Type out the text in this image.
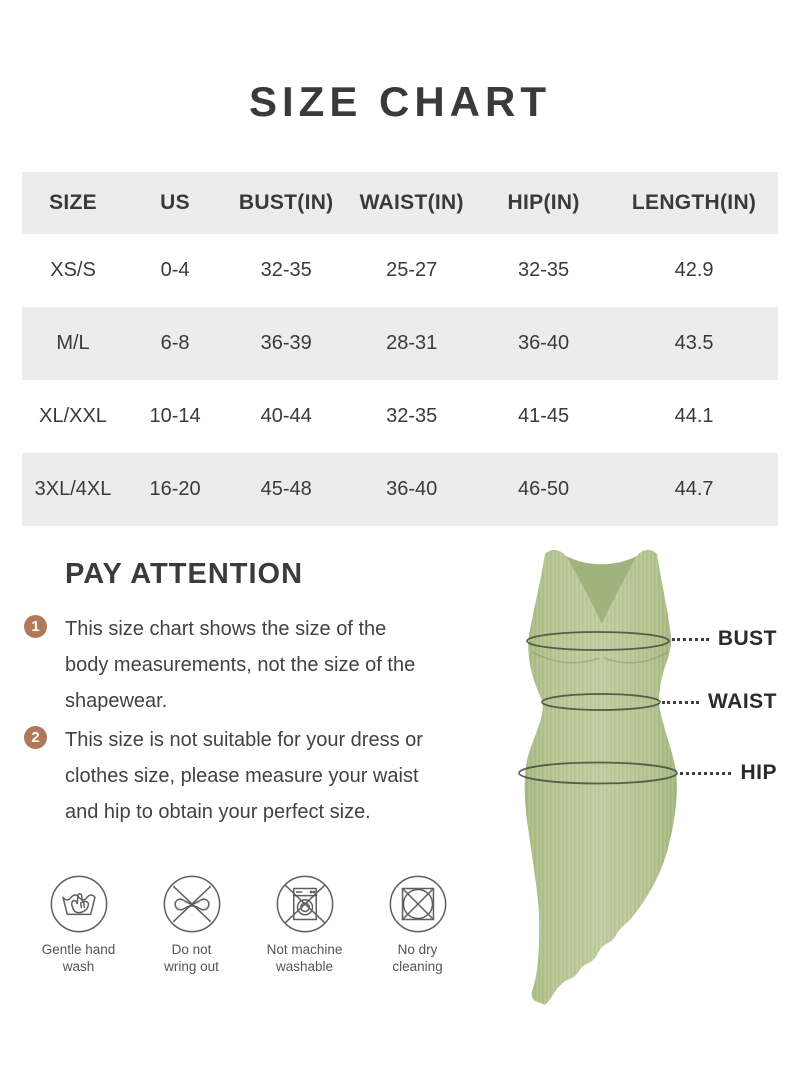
SIZE CHART
SIZE	US	BUST(IN)	WAIST(IN)	HIP(IN)	LENGTH(IN)
XS/S	0-4	32-35	25-27	32-35	42.9
M/L	6-8	36-39	28-31	36-40	43.5
XL/XXL	10-14	40-44	32-35	41-45	44.1
3XL/4XL	16-20	45-48	36-40	46-50	44.7
PAY ATTENTION
1	This size chart shows the size of the body measurements, not the size of the shapewear.
2	This size is not suitable for your dress or clothes size, please measure your waist and hip to obtain your perfect size.
BUST
WAIST
HIP
Gentle hand
wash
Do not
wring out
Not machine
washable
No dry
cleaning
